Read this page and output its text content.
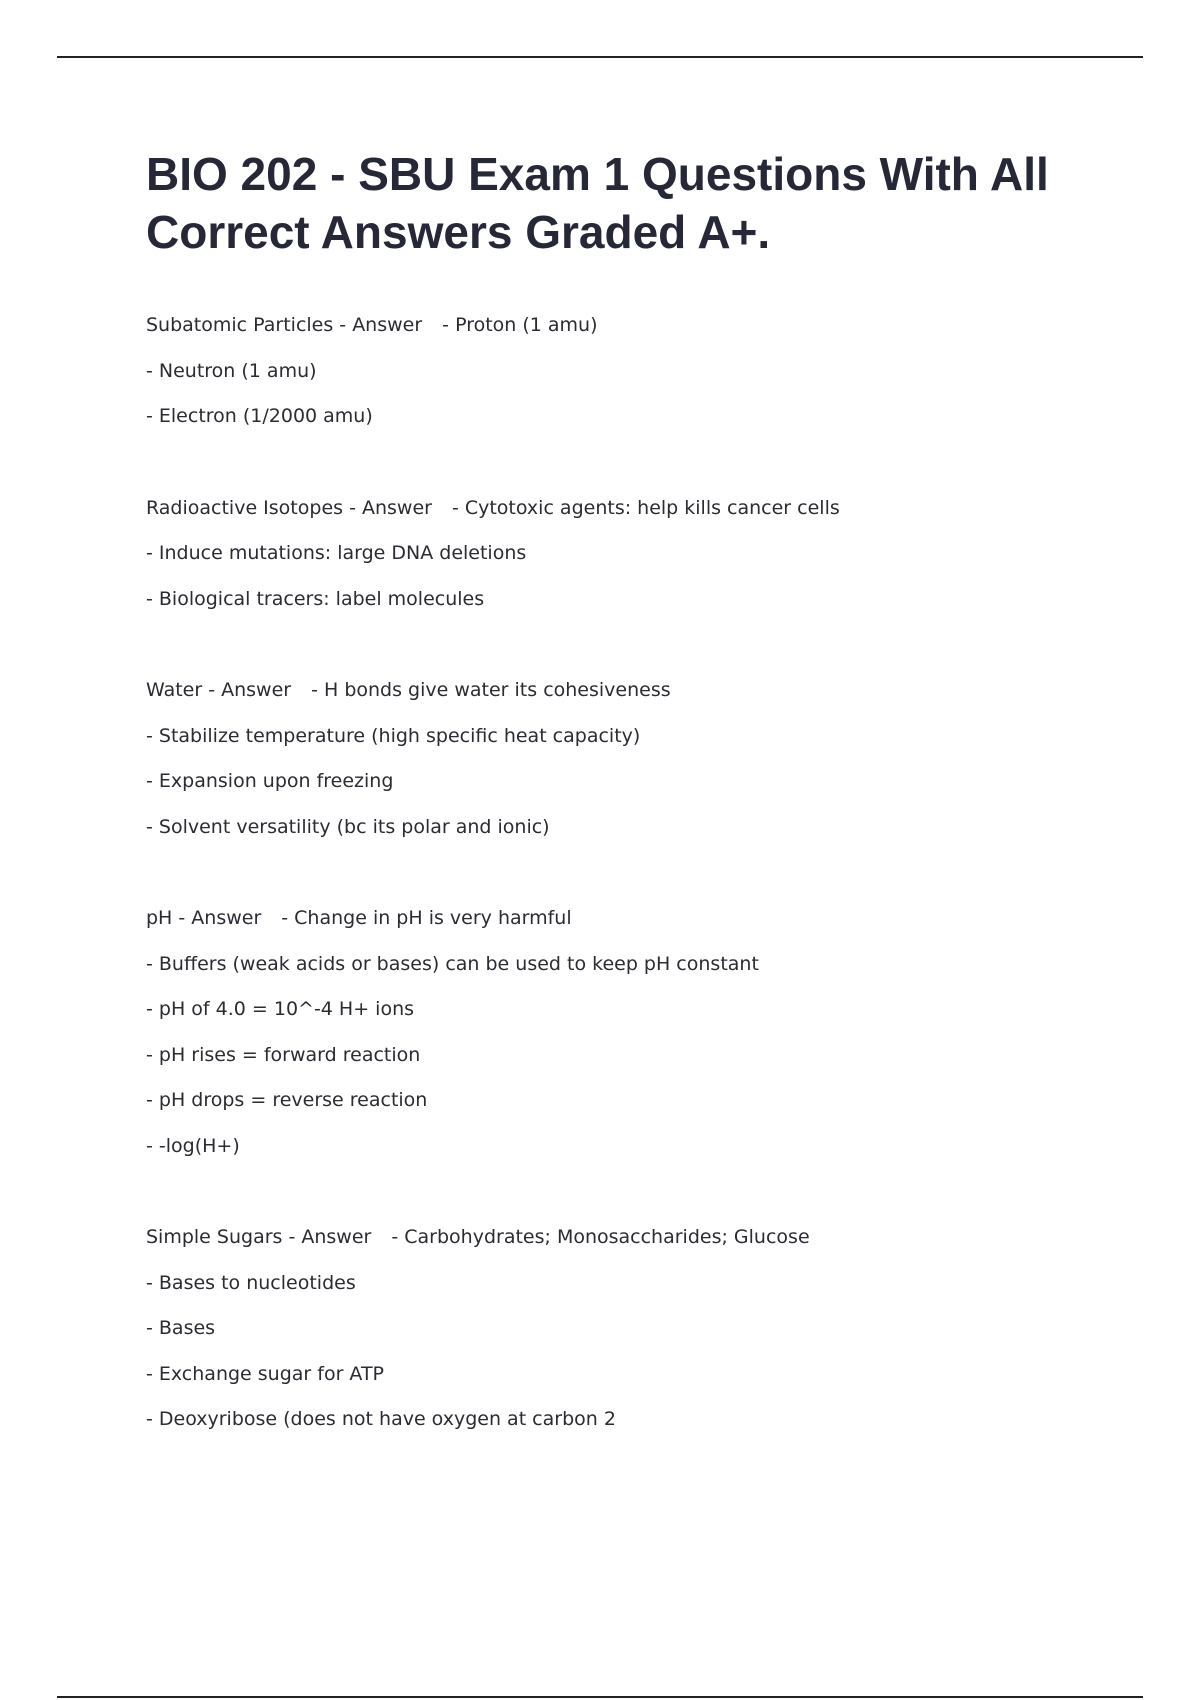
BIO 202 - SBU Exam 1 Questions With All Correct Answers Graded A+.
Subatomic Particles - Answer - Proton (1 amu)
- Neutron (1 amu)
- Electron (1/2000 amu)
Radioactive Isotopes - Answer - Cytotoxic agents: help kills cancer cells
- Induce mutations: large DNA deletions
- Biological tracers: label molecules
Water - Answer - H bonds give water its cohesiveness
- Stabilize temperature (high specific heat capacity)
- Expansion upon freezing
- Solvent versatility (bc its polar and ionic)
pH - Answer - Change in pH is very harmful
- Buffers (weak acids or bases) can be used to keep pH constant
- pH of 4.0 = 10^-4 H+ ions
- pH rises = forward reaction
- pH drops = reverse reaction
- -log(H+)
Simple Sugars - Answer - Carbohydrates; Monosaccharides; Glucose
- Bases to nucleotides
- Bases
- Exchange sugar for ATP
- Deoxyribose (does not have oxygen at carbon 2
